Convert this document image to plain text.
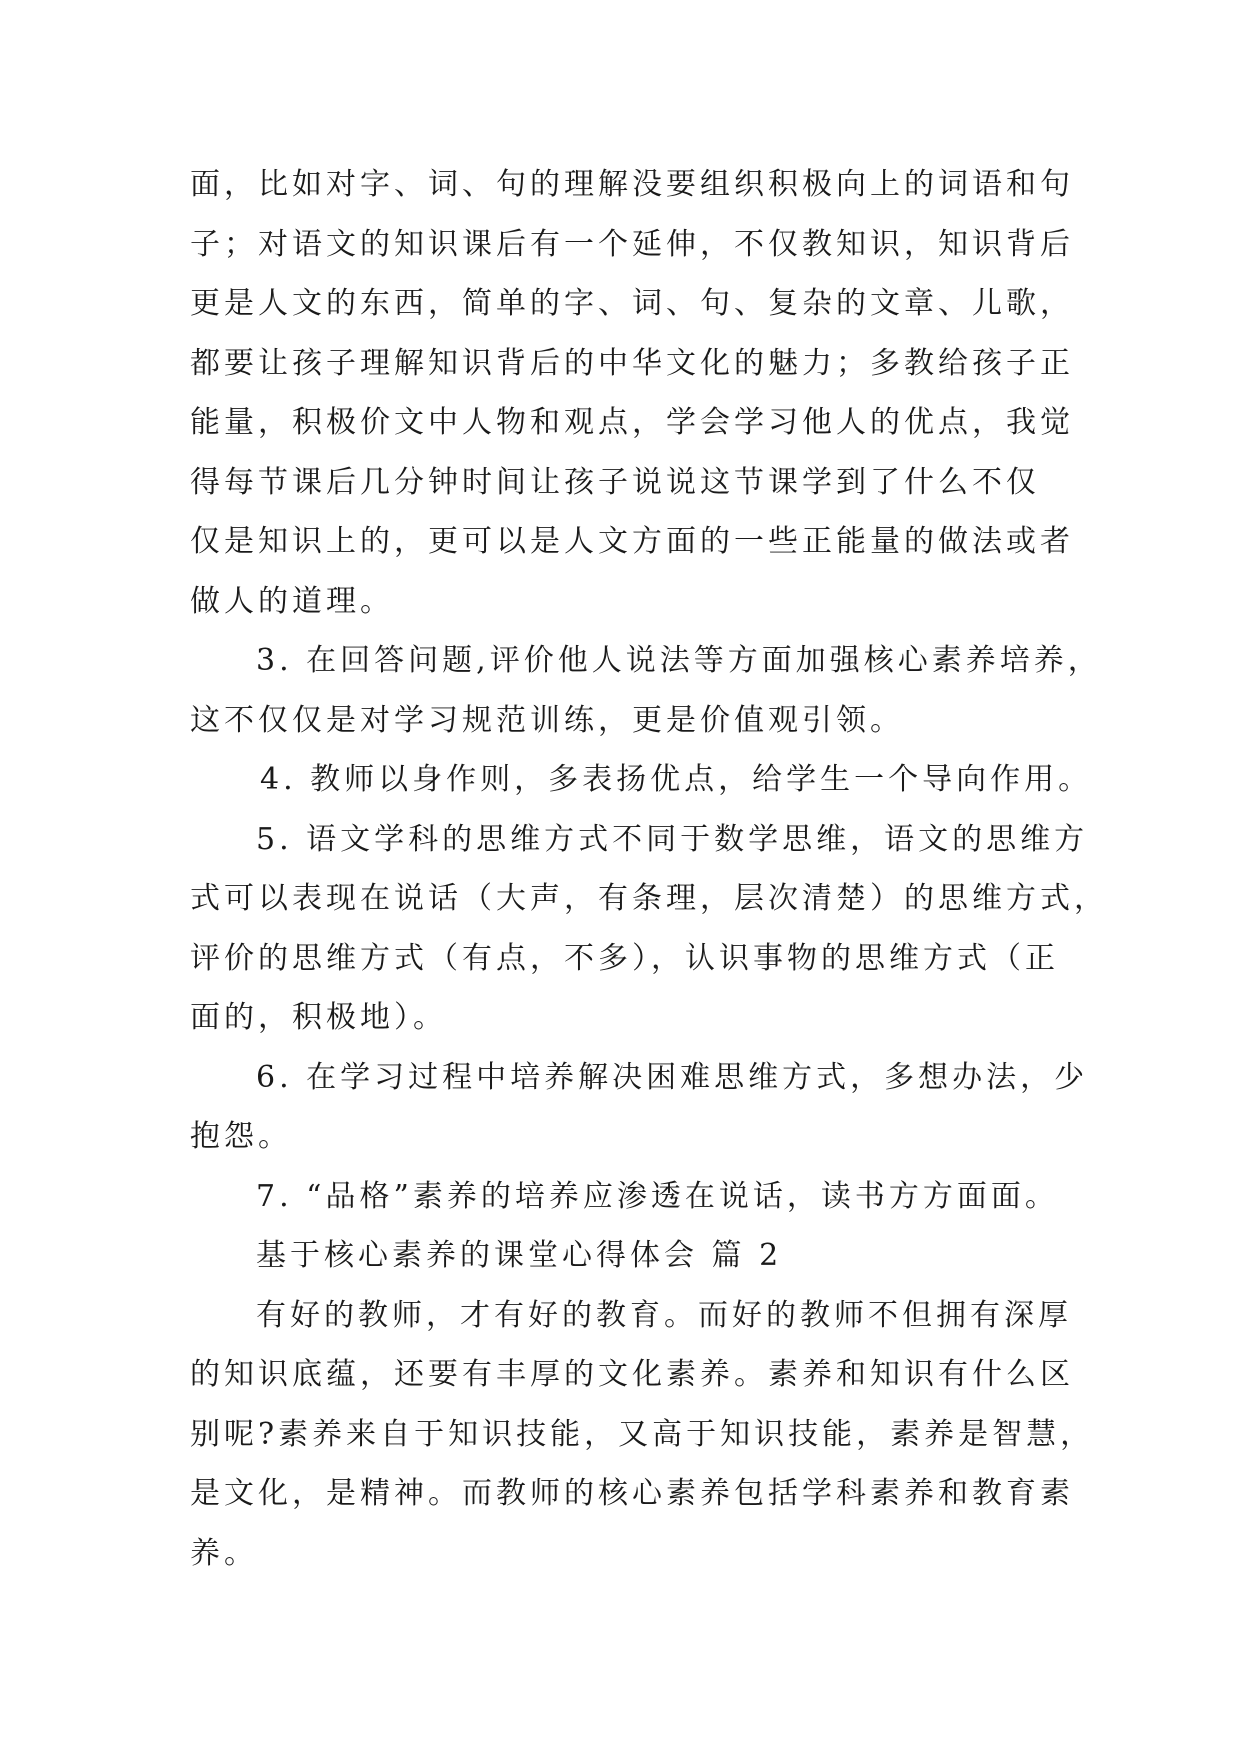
面，比如对字、词、句的理解没要组织积极向上的词语和句
子；对语文的知识课后有一个延伸，不仅教知识，知识背后
更是人文的东西，简单的字、词、句、复杂的文章、儿歌，
都要让孩子理解知识背后的中华文化的魅力；多教给孩子正
能量，积极价文中人物和观点，学会学习他人的优点，我觉
得每节课后几分钟时间让孩子说说这节课学到了什么不仅
仅是知识上的，更可以是人文方面的一些正能量的做法或者
做人的道理。
3. 在回答问题,评价他人说法等方面加强核心素养培养，
这不仅仅是对学习规范训练，更是价值观引领。
4. 教师以身作则，多表扬优点，给学生一个导向作用。
5. 语文学科的思维方式不同于数学思维，语文的思维方
式可以表现在说话（大声，有条理，层次清楚）的思维方式，
评价的思维方式（有点，不多），认识事物的思维方式（正
面的，积极地）。
6. 在学习过程中培养解决困难思维方式，多想办法，少
抱怨。
7. “品格”素养的培养应渗透在说话，读书方方面面。
基于核心素养的课堂心得体会 篇 2
有好的教师，才有好的教育。而好的教师不但拥有深厚
的知识底蕴，还要有丰厚的文化素养。素养和知识有什么区
别呢?素养来自于知识技能，又高于知识技能，素养是智慧，
是文化，是精神。而教师的核心素养包括学科素养和教育素
养。
